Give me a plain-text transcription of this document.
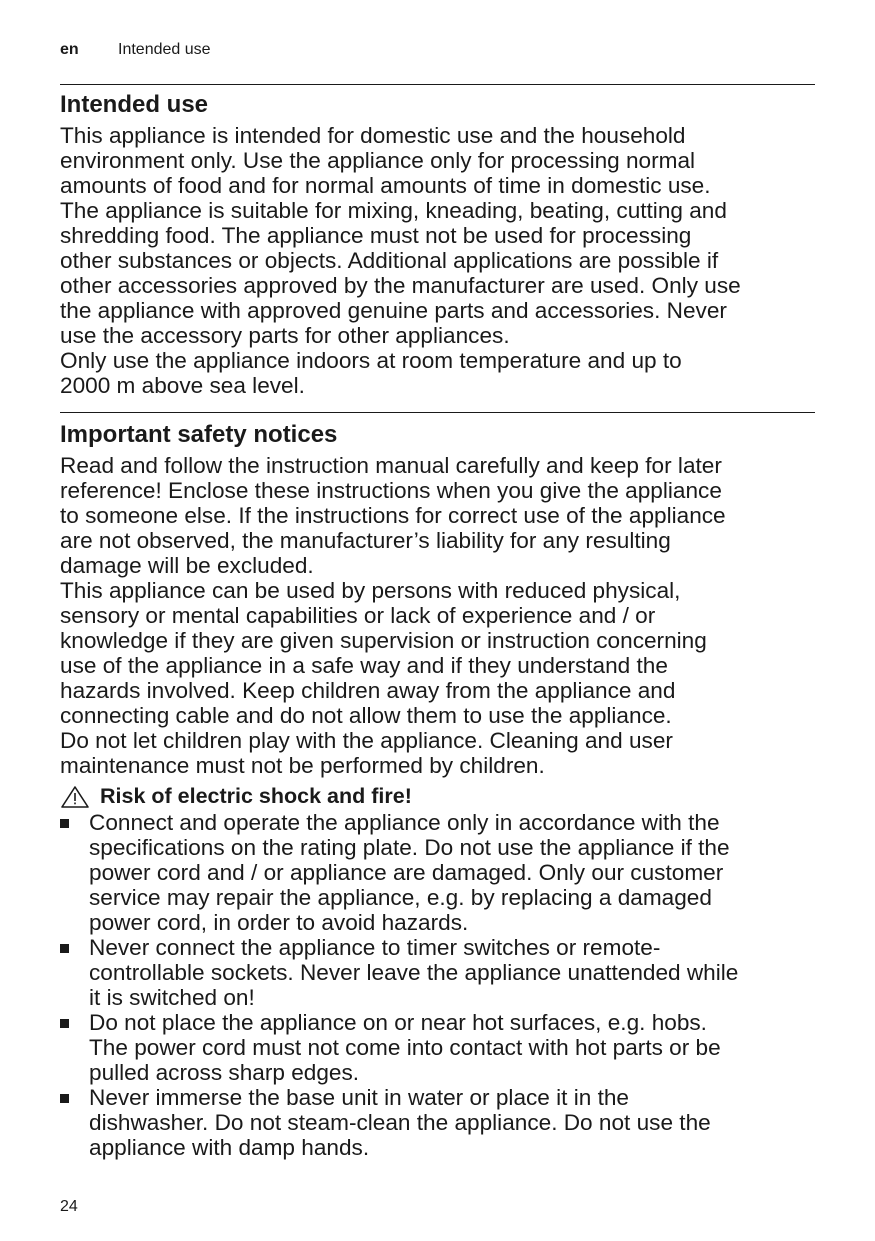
en Intended use
Intended use
This appliance is intended for domestic use and the household
environment only. Use the appliance only for processing normal
amounts of food and for normal amounts of time in domestic use.
The appliance is suitable for mixing, kneading, beating, cutting and
shredding food. The appliance must not be used for processing
other substances or objects. Additional applications are possible if
other accessories approved by the manufacturer are used. Only use
the appliance with approved genuine parts and accessories. Never
use the accessory parts for other appliances.
Only use the appliance indoors at room temperature and up to
2000 m above sea level.
Important safety notices
Read and follow the instruction manual carefully and keep for later
reference! Enclose these instructions when you give the appliance
to someone else. If the instructions for correct use of the appliance
are not observed, the manufacturer’s liability for any resulting
damage will be excluded.
This appliance can be used by persons with reduced physical,
sensory or mental capabilities or lack of experience and / or
knowledge if they are given supervision or instruction concerning
use of the appliance in a safe way and if they understand the
hazards involved. Keep children away from the appliance and
connecting cable and do not allow them to use the appliance.
Do not let children play with the appliance. Cleaning and user
maintenance must not be performed by children.
Risk of electric shock and fire!
Connect and operate the appliance only in accordance with the
specifications on the rating plate. Do not use the appliance if the
power cord and / or appliance are damaged. Only our customer
service may repair the appliance, e.g. by replacing a damaged
power cord, in order to avoid hazards.
Never connect the appliance to timer switches or remote-
controllable sockets. Never leave the appliance unattended while
it is switched on!
Do not place the appliance on or near hot surfaces, e.g. hobs.
The power cord must not come into contact with hot parts or be
pulled across sharp edges.
Never immerse the base unit in water or place it in the
dishwasher. Do not steam-clean the appliance. Do not use the
appliance with damp hands.
24
